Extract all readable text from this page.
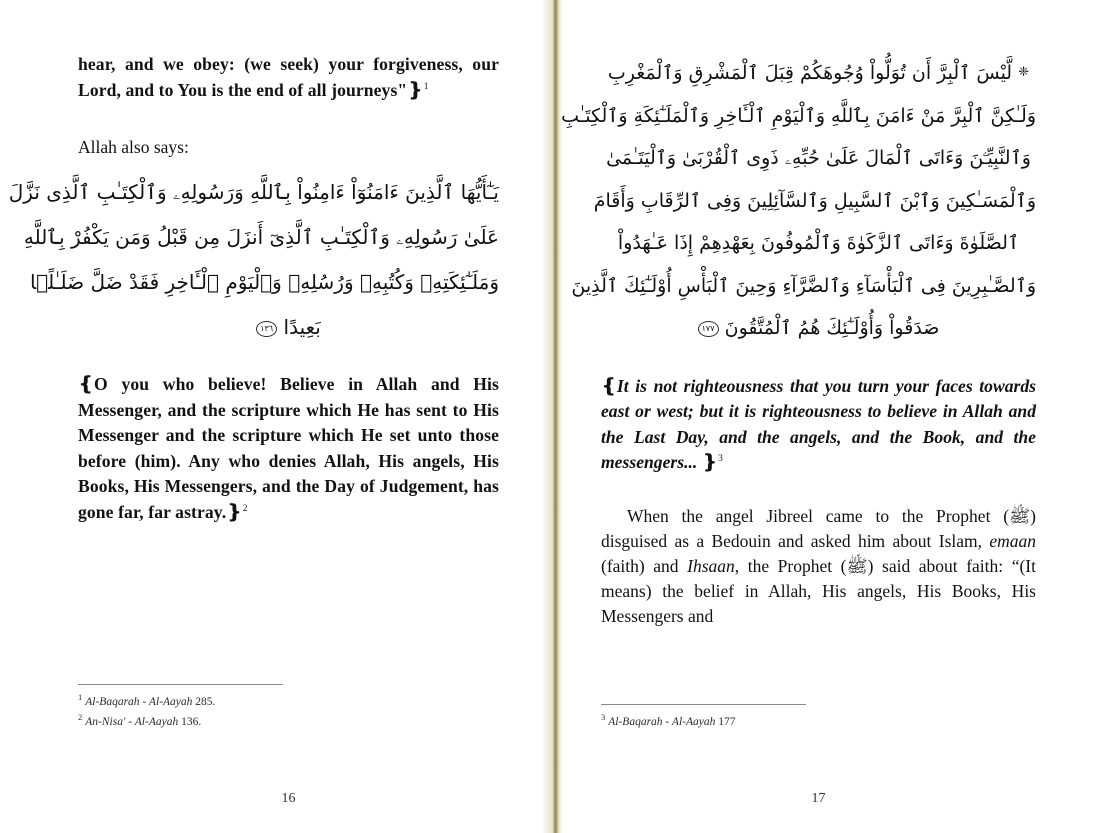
hear, and we obey: (we seek) your forgiveness, our Lord, and to You is the end of all journeys"❵$^1$

Allah also says:

يَـٰٓأَيُّهَا ٱلَّذِينَ ءَامَنُوٓاْ ءَامِنُواْ بِٱللَّهِ وَرَسُولِهِۦ وَٱلْكِتَـٰبِ ٱلَّذِى نَزَّلَ
عَلَىٰ رَسُولِهِۦ وَٱلْكِتَـٰبِ ٱلَّذِىٓ أَنزَلَ مِن قَبْلُ وَمَن يَكْفُرْ بِٱللَّهِ
وَمَلَـٰٓئِكَتِهِۦ وَكُتُبِهِۦ وَرُسُلِهِۦ وَٱلْيَوْمِ ٱلْـَٔاخِرِ فَقَدْ ضَلَّ ضَلَـٰلًۢا
بَعِيدًا ١٣٦

❴O you who believe! Believe in Allah and His Messenger, and the scripture which He has sent to His Messenger and the scripture which He set unto those before (him). Any who denies Allah, His angels, His Books, His Messengers, and the Day of Judgement, has gone far, far astray.❵$^2$

$^1$ Al-Baqarah - Al-Aayah 285.
$^2$ An-Nisa' - Al-Aayah 136.
16
❈ لَّيْسَ ٱلْبِرَّ أَن تُوَلُّواْ وُجُوهَكُمْ قِبَلَ ٱلْمَشْرِقِ وَٱلْمَغْرِبِ
وَلَـٰكِنَّ ٱلْبِرَّ مَنْ ءَامَنَ بِٱللَّهِ وَٱلْيَوْمِ ٱلْـَٔاخِرِ وَٱلْمَلَـٰٓئِكَةِ وَٱلْكِتَـٰبِ
وَٱلنَّبِيِّـۧنَ وَءَاتَى ٱلْمَالَ عَلَىٰ حُبِّهِۦ ذَوِى ٱلْقُرْبَىٰ وَٱلْيَتَـٰمَىٰ
وَٱلْمَسَـٰكِينَ وَٱبْنَ ٱلسَّبِيلِ وَٱلسَّآئِلِينَ وَفِى ٱلرِّقَابِ وَأَقَامَ
ٱلصَّلَوٰةَ وَءَاتَى ٱلزَّكَوٰةَ وَٱلْمُوفُونَ بِعَهْدِهِمْ إِذَا عَـٰهَدُواْ
وَٱلصَّـٰبِرِينَ فِى ٱلْبَأْسَآءِ وَٱلضَّرَّآءِ وَحِينَ ٱلْبَأْسِ أُوْلَـٰٓئِكَ ٱلَّذِينَ
صَدَقُواْ وَأُوْلَـٰٓئِكَ هُمُ ٱلْمُتَّقُونَ ١٧٧

❴It is not righteousness that you turn your faces towards east or west; but it is righteousness to believe in Allah and the Last Day, and the angels, and the Book, and the messengers... ❵$^3$

When the angel Jibreel came to the Prophet (ﷺ) disguised as a Bedouin and asked him about Islam, emaan (faith) and Ihsaan, the Prophet (ﷺ) said about faith: “(It means) the belief in Allah, His angels, His Books, His Messengers and

$^3$ Al-Baqarah - Al-Aayah 177
17
